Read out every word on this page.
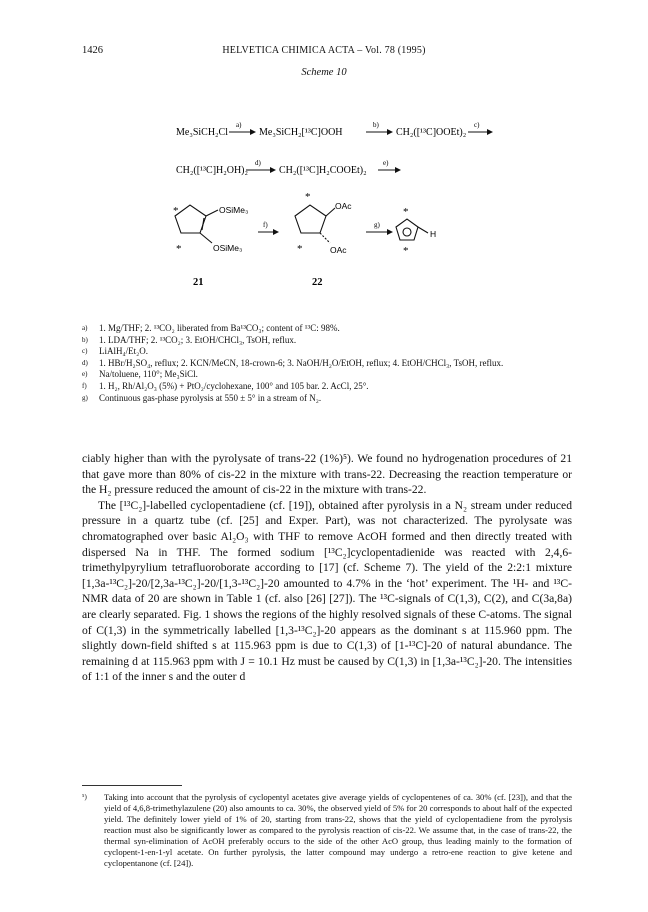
1426	HELVETICA CHIMICA ACTA – Vol. 78 (1995)
Scheme 10
Me₃SiCH₂Cl
a)
Me₃SiCH₂[¹³C]OOH
b)
CH₂([¹³C]OOEt)₂
c)
CH₂([¹³C]H₂OH)₂
d)
CH₂([¹³C]H₂COOEt)₂
e)
*
*
OSiMe₃
OSiMe₃
f)
*
*
OAc
OAc
g)
*
*
H
21	22
a)	1. Mg/THF; 2. ¹³CO₂ liberated from Ba¹³CO₃; content of ¹³C: 98%.
b)	1. LDA/THF; 2. ¹³CO₂; 3. EtOH/CHCl₃, TsOH, reflux.
c)	LiAlH₄/Et₂O.
d)	1. HBr/H₂SO₄, reflux; 2. KCN/MeCN, 18-crown-6; 3. NaOH/H₂O/EtOH, reflux; 4. EtOH/CHCl₃, TsOH, reflux.
e)	Na/toluene, 110°; Me₃SiCl.
f)	1. H₂, Rh/Al₂O₃ (5%) + PtO₂/cyclohexane, 100° and 105 bar. 2. AcCl, 25°.
g)	Continuous gas-phase pyrolysis at 550 ± 5° in a stream of N₂.

ciably higher than with the pyrolysate of trans-22 (1%)⁵). We found no hydrogenation procedures of 21 that gave more than 80% of cis-22 in the mixture with trans-22. Decreasing the reaction temperature or the H₂ pressure reduced the amount of cis-22 in the mixture with trans-22.

The [¹³C₂]-labelled cyclopentadiene (cf. [19]), obtained after pyrolysis in a N₂ stream under reduced pressure in a quartz tube (cf. [25] and Exper. Part), was not characterized. The pyrolysate was chromatographed over basic Al₂O₃ with THF to remove AcOH formed and then directly treated with dispersed Na in THF. The formed sodium [¹³C₂]cyclopentadienide was reacted with 2,4,6-trimethylpyrylium tetrafluoroborate according to [17] (cf. Scheme 7). The yield of the 2:2:1 mixture [1,3a-¹³C₂]-20/[2,3a-¹³C₂]-20/[1,3-¹³C₂]-20 amounted to 4.7% in the ‘hot’ experiment. The ¹H- and ¹³C-NMR data of 20 are shown in Table 1 (cf. also [26] [27]). The ¹³C-signals of C(1,3), C(2), and C(3a,8a) are clearly separated. Fig. 1 shows the regions of the highly resolved signals of these C-atoms. The signal of C(1,3) in the symmetrically labelled [1,3-¹³C₂]-20 appears as the dominant s at 115.960 ppm. The slightly down-field shifted s at 115.963 ppm is due to C(1,3) of [1-¹³C]-20 of natural abundance. The remaining d at 115.963 ppm with J = 10.1 Hz must be caused by C(1,3) in [1,3a-¹³C₂]-20. The intensities of 1:1 of the inner s and the outer d

⁵)	Taking into account that the pyrolysis of cyclopentyl acetates give average yields of cyclopentenes of ca. 30% (cf. [23]), and that the yield of 4,6,8-trimethylazulene (20) also amounts to ca. 30%, the observed yield of 5% for 20 corresponds to about half of the expected yield. The definitely lower yield of 1% of 20, starting from trans-22, shows that the yield of cyclopentadiene from the pyrolysis reaction must also be significantly lower as compared to the pyrolysis reaction of cis-22. We assume that, in the case of trans-22, the thermal syn-elimination of AcOH preferably occurs to the side of the other AcO group, thus leading mainly to the formation of cyclopent-1-en-1-yl acetate. On further pyrolysis, the latter compound may undergo a retro-ene reaction to give ketene and cyclopentanone (cf. [24]).
